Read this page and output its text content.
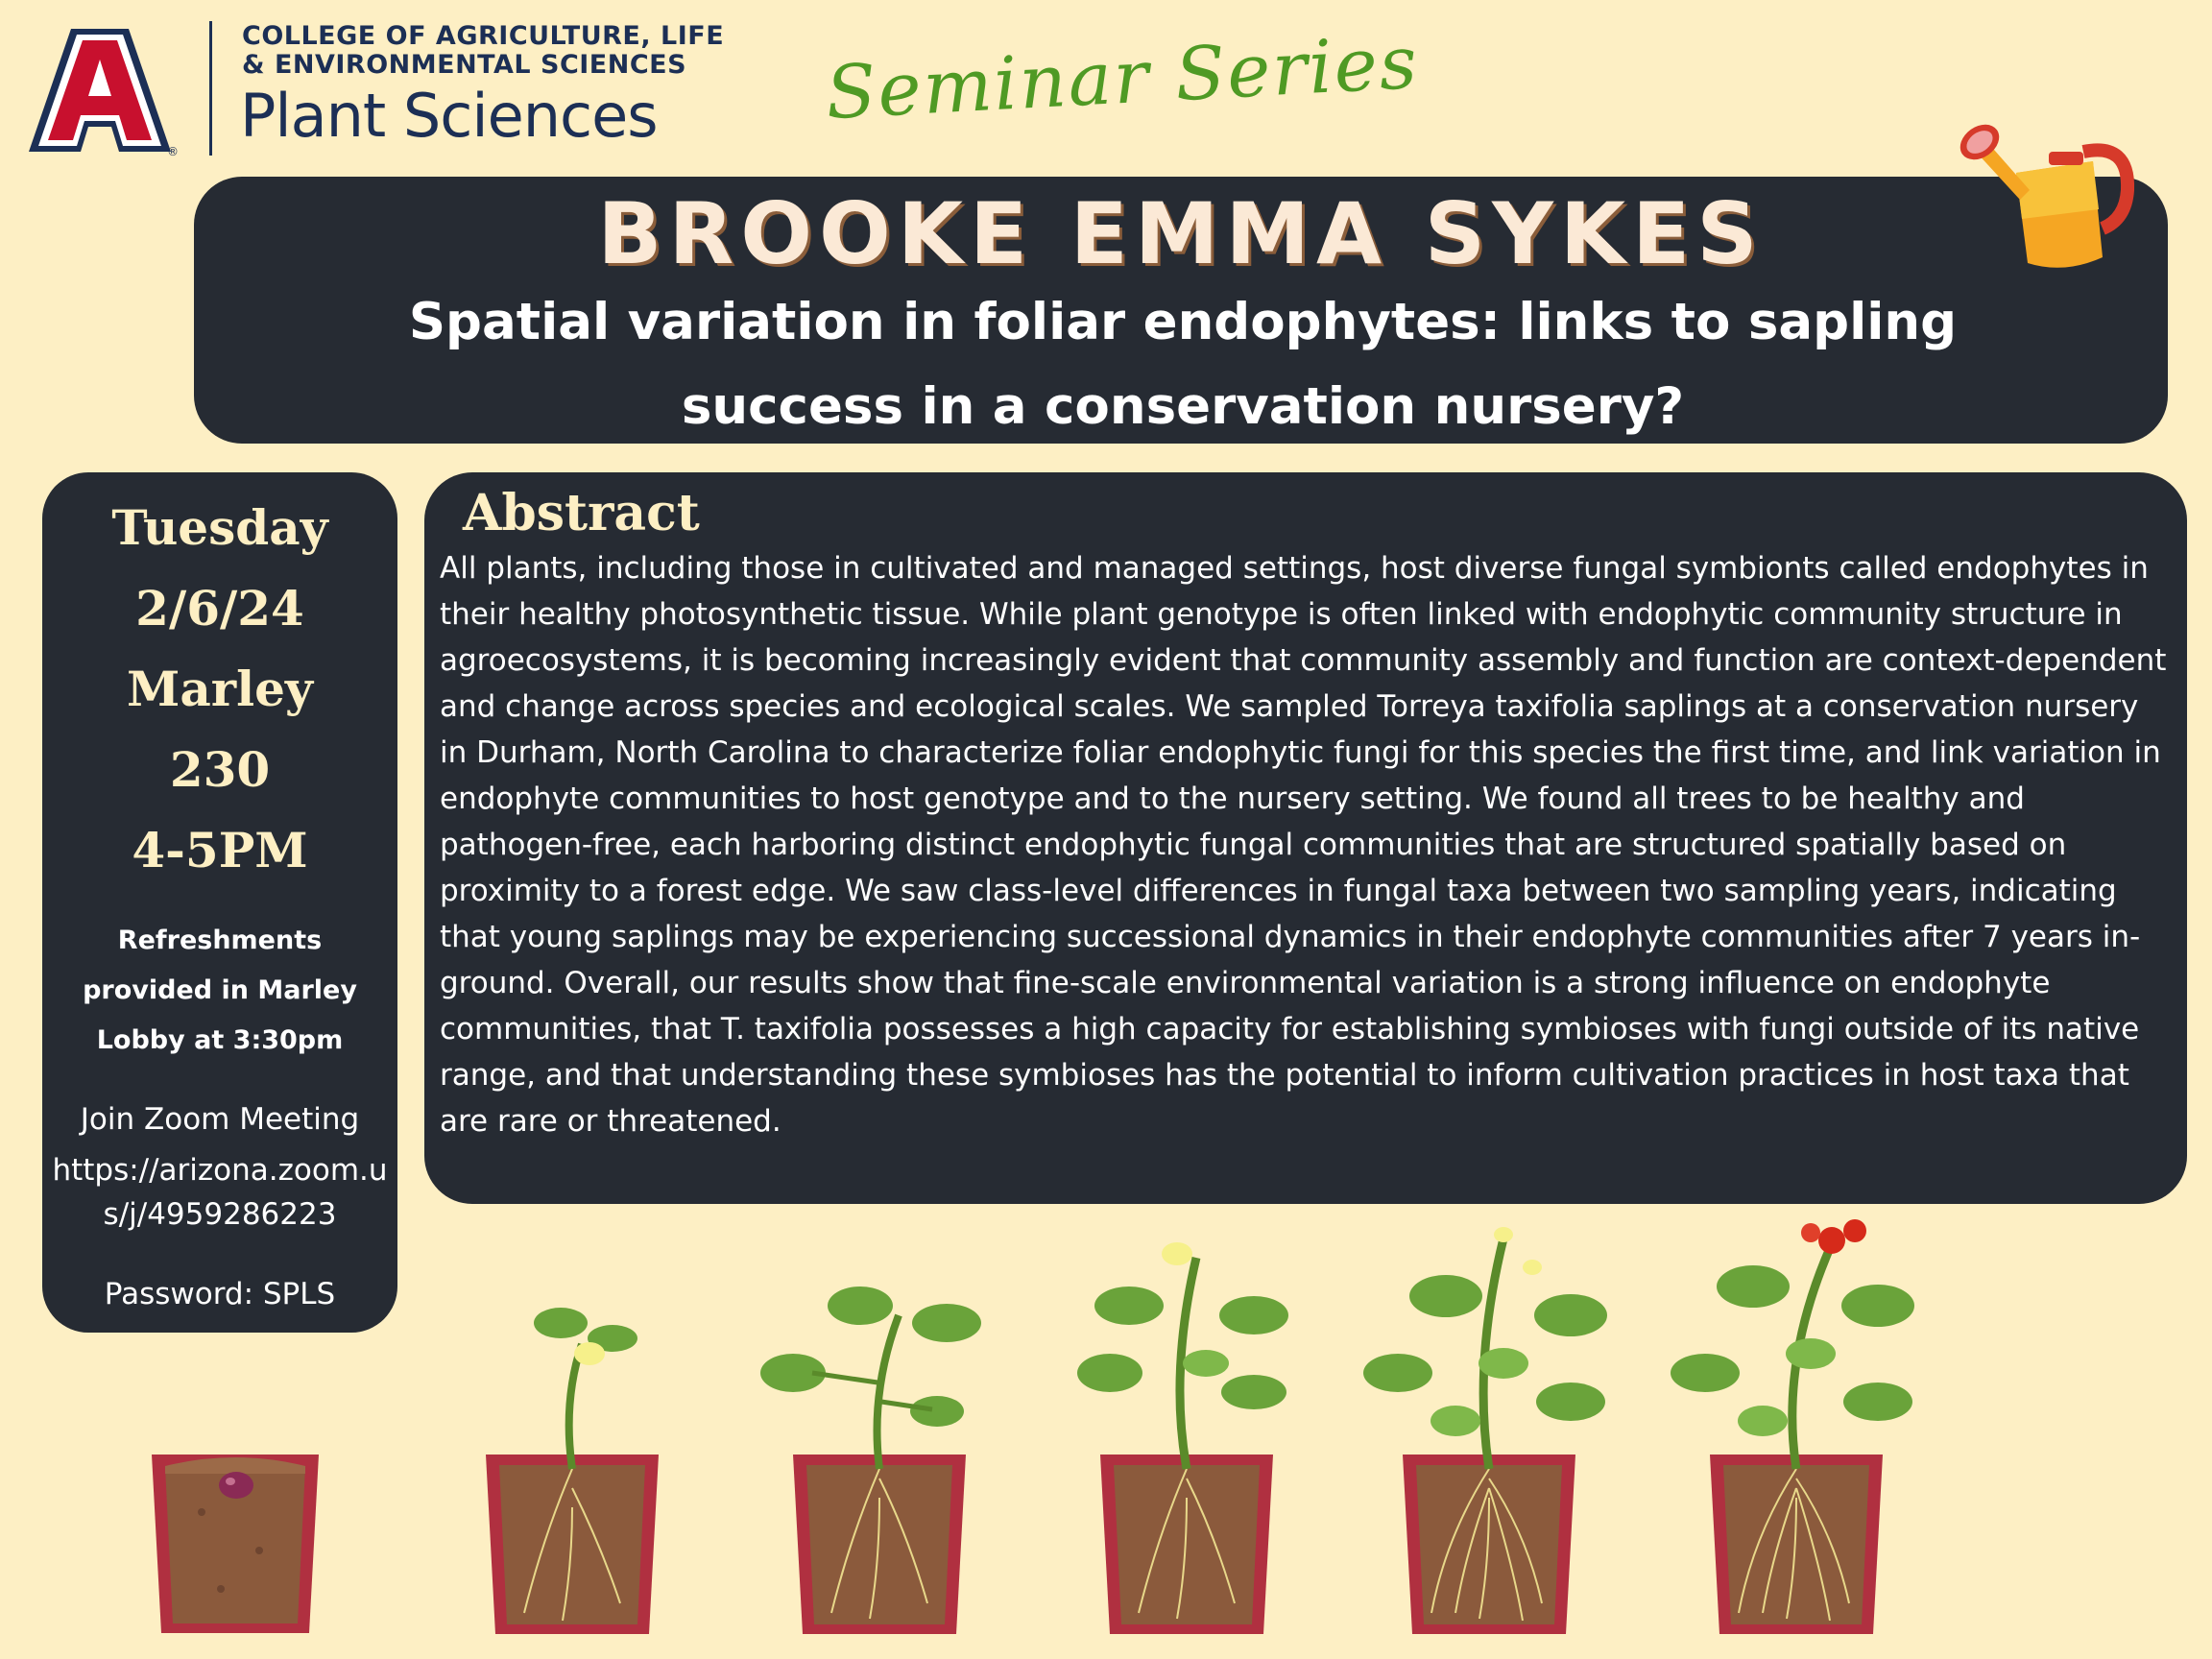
®
COLLEGE OF AGRICULTURE, LIFE
& ENVIRONMENTAL SCIENCES
Plant Sciences Seminar Series
BROOKE EMMA SYKES
Spatial variation in foliar endophytes: links to sapling success in a conservation nursery?
Tuesday
2/6/24
Marley
230
4-5PM
Refreshments provided in Marley Lobby at 3:30pm
Join Zoom Meeting
https://arizona.zoom.us/j/4959286223
Password: SPLS
Abstract
All plants, including those in cultivated and managed settings, host diverse fungal symbionts called endophytes in their healthy photosynthetic tissue. While plant genotype is often linked with endophytic community structure in agroecosystems, it is becoming increasingly evident that community assembly and function are context-dependent and change across species and ecological scales. We sampled Torreya taxifolia saplings at a conservation nursery in Durham, North Carolina to characterize foliar endophytic fungi for this species the first time, and link variation in endophyte communities to host genotype and to the nursery setting. We found all trees to be healthy and pathogen-free, each harboring distinct endophytic fungal communities that are structured spatially based on proximity to a forest edge. We saw class-level differences in fungal taxa between two sampling years, indicating that young saplings may be experiencing successional dynamics in their endophyte communities after 7 years in-ground. Overall, our results show that fine-scale environmental variation is a strong influence on endophyte communities, that T. taxifolia possesses a high capacity for establishing symbioses with fungi outside of its native range, and that understanding these symbioses has the potential to inform cultivation practices in host taxa that are rare or threatened.
